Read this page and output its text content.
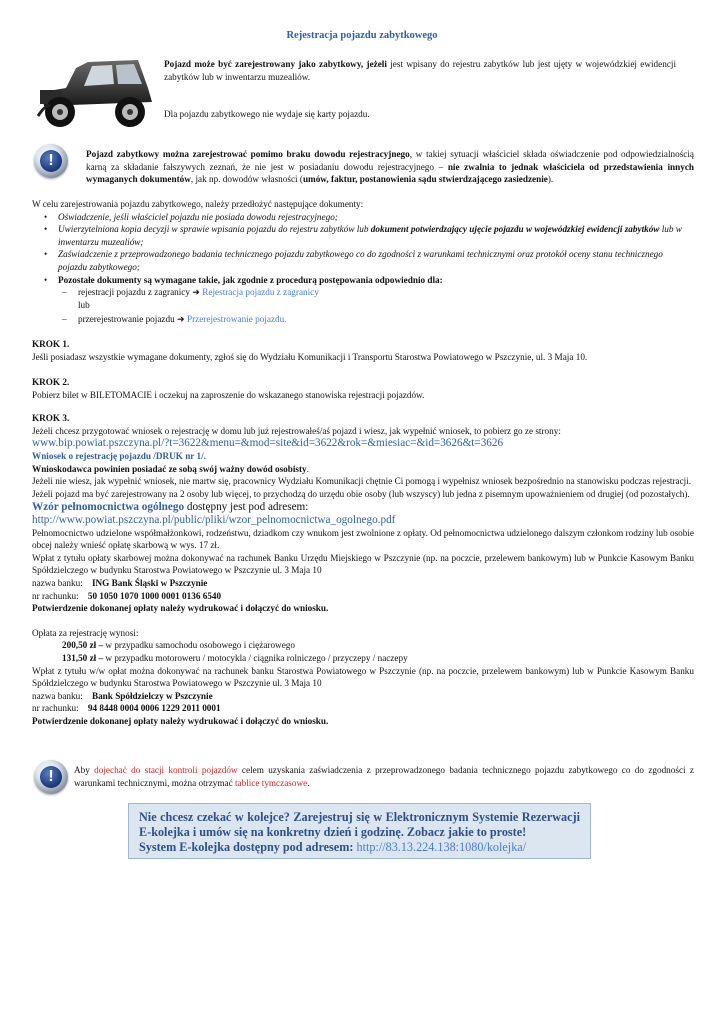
Rejestracja pojazdu zabytkowego
Pojazd może być zarejestrowany jako zabytkowy, jeżeli jest wpisany do rejestru zabytków lub jest ujęty w wojewódzkiej ewidencji zabytków lub w inwentarzu muzealiów.
Dla pojazdu zabytkowego nie wydaje się karty pojazdu.
!	Pojazd zabytkowy można zarejestrować pomimo braku dowodu rejestracyjnego, w takiej sytuacji właściciel składa oświadczenie pod odpowiedzialnością karną za składanie fałszywych zeznań, że nie jest w posiadaniu dowodu rejestracyjnego – nie zwalnia to jednak właściciela od przedstawienia innych wymaganych dokumentów, jak np. dowodów własności (umów, faktur, postanowienia sądu stwierdzającego zasiedzenie).

W celu zarejestrowania pojazdu zabytkowego, należy przedłożyć następujące dokumenty:

• Oświadczenie, jeśli właściciel pojazdu nie posiada dowodu rejestracyjnego;
• Uwierzytelniona kopia decyzji w sprawie wpisania pojazdu do rejestru zabytków lub dokument potwierdzający ujęcie pojazdu w wojewódzkiej ewidencji zabytków lub w inwentarzu muzealiów;
• Zaświadczenie z przeprowadzonego badania technicznego pojazdu zabytkowego co do zgodności z warunkami technicznymi oraz protokół oceny stanu technicznego pojazdu zabytkowego;
• Pozostałe dokumenty są wymagane takie, jak zgodnie z procedurą postępowania odpowiednio dla:
– rejestracji pojazdu z zagranicy ➜ Rejestracja pojazdu z zagranicy
lub
– przerejestrowanie pojazdu ➜ Przerejestrowanie pojazdu.

KROK 1.

Jeśli posiadasz wszystkie wymagane dokumenty, zgłoś się do Wydziału Komunikacji i Transportu Starostwa Powiatowego w Pszczynie, ul. 3 Maja 10.

KROK 2.

Pobierz bilet w BILETOMACIE i oczekuj na zaproszenie do wskazanego stanowiska rejestracji pojazdów.

KROK 3.

Jeżeli chcesz przygotować wniosek o rejestrację w domu lub już rejestrowałeś/aś pojazd i wiesz, jak wypełnić wniosek, to pobierz go ze strony:

www.bip.powiat.pszczyna.pl/?t=3622&menu=&mod=site&id=3622&rok=&miesiac=&id=3626&t=3626

Wniosek o rejestrację pojazdu /DRUK nr 1/.

Wnioskodawca powinien posiadać ze sobą swój ważny dowód osobisty.

Jeżeli nie wiesz, jak wypełnić wniosek, nie martw się, pracownicy Wydziału Komunikacji chętnie Ci pomogą i wypełnisz wniosek bezpośrednio na stanowisku podczas rejestracji.

Jeżeli pojazd ma być zarejestrowany na 2 osoby lub więcej, to przychodzą do urzędu obie osoby (lub wszyscy) lub jedna z pisemnym upoważnieniem od drugiej (od pozostałych).

Wzór pełnomocnictwa ogólnego dostępny jest pod adresem:

http://www.powiat.pszczyna.pl/public/pliki/wzor_pelnomocnictwa_ogolnego.pdf

Pełnomocnictwo udzielone współmałżonkowi, rodzeństwu, dziadkom czy wnukom jest zwolnione z opłaty. Od pełnomocnictwa udzielonego dalszym członkom rodziny lub osobie obcej należy wnieść opłatę skarbową w wys. 17 zł.

Wpłat z tytułu opłaty skarbowej można dokonywać na rachunek Banku Urzędu Miejskiego w Pszczynie (np. na poczcie, przelewem bankowym) lub w Punkcie Kasowym Banku Spółdzielczego w budynku Starostwa Powiatowego w Pszczynie ul. 3 Maja 10

nazwa banku: ING Bank Śląski w Pszczynie

nr rachunku: 50 1050 1070 1000 0001 0136 6540

Potwierdzenie dokonanej opłaty należy wydrukować i dołączyć do wniosku.

Opłata za rejestrację wynosi:

200,50 zł – w przypadku samochodu osobowego i ciężarowego

131,50 zł – w przypadku motoroweru / motocykla / ciągnika rolniczego / przyczepy / naczepy

Wpłat z tytułu w/w opłat można dokonywać na rachunek banku Starostwa Powiatowego w Pszczynie (np. na poczcie, przelewem bankowym) lub w Punkcie Kasowym Banku Spółdzielczego w budynku Starostwa Powiatowego w Pszczynie ul. 3 Maja 10

nazwa banku: Bank Spółdzielczy w Pszczynie

nr rachunku: 94 8448 0004 0006 1229 2011 0001

Potwierdzenie dokonanej opłaty należy wydrukować i dołączyć do wniosku.

!	Aby dojechać do stacji kontroli pojazdów celem uzyskania zaświadczenia z przeprowadzonego badania technicznego pojazdu zabytkowego co do zgodności z warunkami technicznymi, można otrzymać tablice tymczasowe.
Nie chcesz czekać w kolejce? Zarejestruj się w Elektronicznym Systemie Rezerwacji E-kolejka i umów się na konkretny dzień i godzinę. Zobacz jakie to proste!
System E-kolejka dostępny pod adresem: http://83.13.224.138:1080/kolejka/
